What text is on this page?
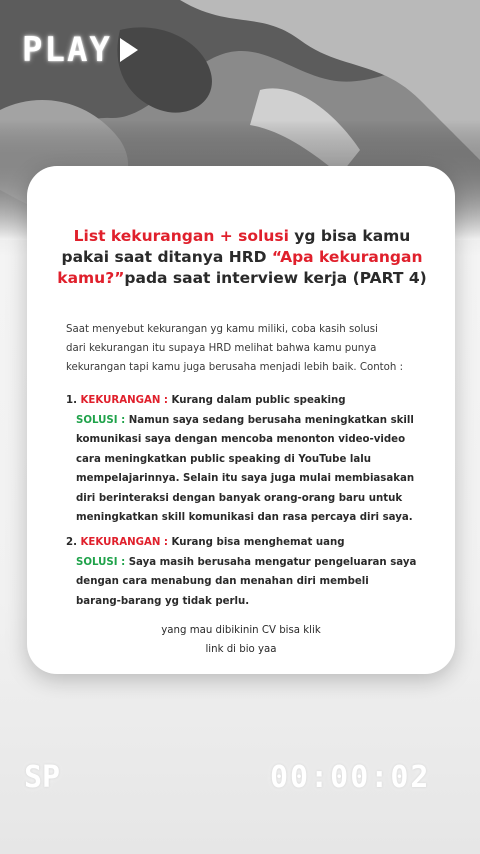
PLAY
List kekurangan + solusi yg bisa kamu pakai saat ditanya HRD “Apa kekurangan kamu?”pada saat interview kerja (PART 4)
Saat menyebut kekurangan yg kamu miliki, coba kasih solusi
dari kekurangan itu supaya HRD melihat bahwa kamu punya
kekurangan tapi kamu juga berusaha menjadi lebih baik. Contoh :
1. KEKURANGAN : Kurang dalam public speaking
SOLUSI : Namun saya sedang berusaha meningkatkan skill
komunikasi saya dengan mencoba menonton video-video
cara meningkatkan public speaking di YouTube lalu
mempelajarinnya. Selain itu saya juga mulai membiasakan
diri berinteraksi dengan banyak orang-orang baru untuk
meningkatkan skill komunikasi dan rasa percaya diri saya.
2. KEKURANGAN : Kurang bisa menghemat uang
SOLUSI : Saya masih berusaha mengatur pengeluaran saya
dengan cara menabung dan menahan diri membeli
barang-barang yg tidak perlu.
yang mau dibikinin CV bisa klik
link di bio yaa
SP	00:00:02
